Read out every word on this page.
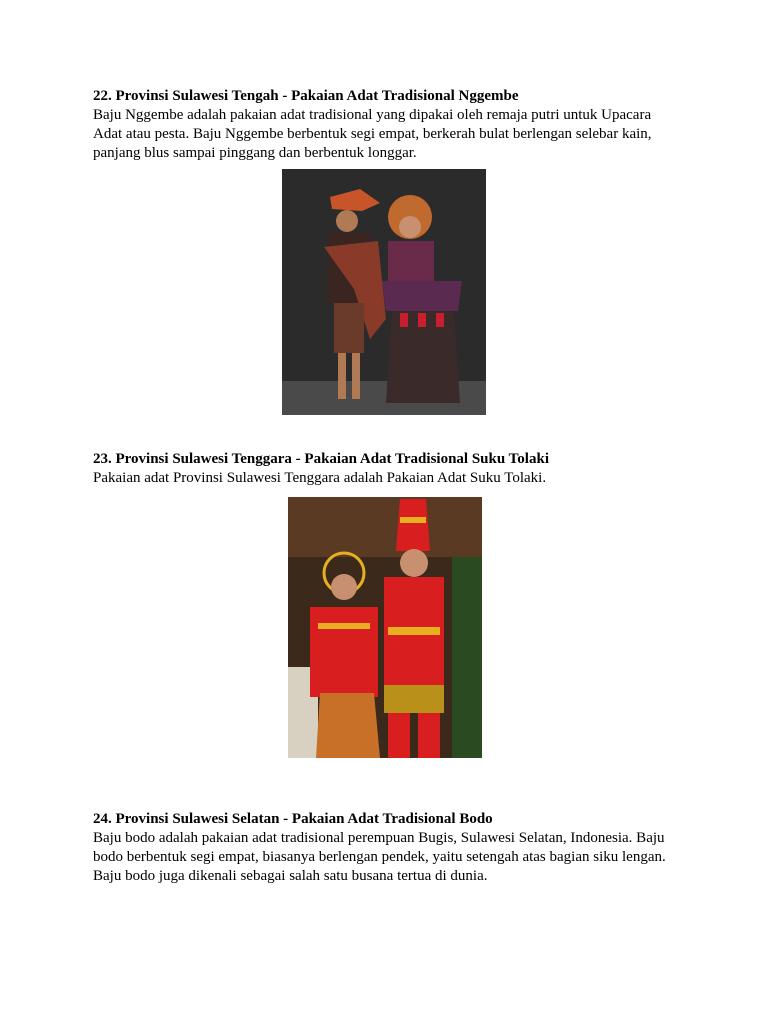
22. Provinsi Sulawesi Tengah - Pakaian Adat Tradisional Nggembe

Baju Nggembe adalah pakaian adat tradisional yang dipakai oleh remaja putri untuk Upacara Adat atau pesta. Baju Nggembe berbentuk segi empat, berkerah bulat berlengan selebar kain, panjang blus sampai pinggang dan berbentuk longgar.

23. Provinsi Sulawesi Tenggara - Pakaian Adat Tradisional Suku Tolaki

Pakaian adat Provinsi Sulawesi Tenggara adalah Pakaian Adat Suku Tolaki.

24. Provinsi Sulawesi Selatan - Pakaian Adat Tradisional Bodo

Baju bodo adalah pakaian adat tradisional perempuan Bugis, Sulawesi Selatan, Indonesia. Baju bodo berbentuk segi empat, biasanya berlengan pendek, yaitu setengah atas bagian siku lengan. Baju bodo juga dikenali sebagai salah satu busana tertua di dunia.
